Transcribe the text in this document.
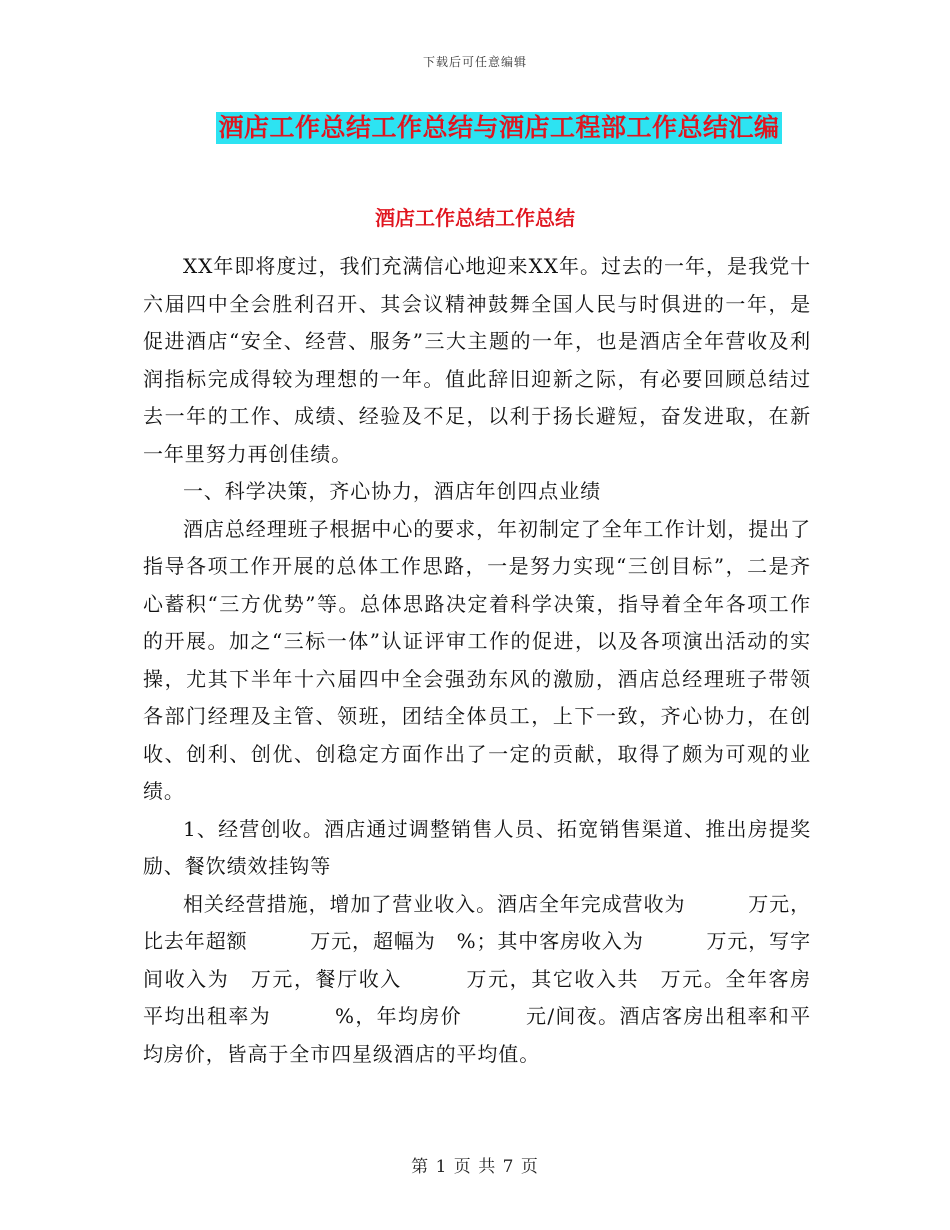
下载后可任意编辑
酒店工作总结工作总结与酒店工程部工作总结汇编
酒店工作总结工作总结

XX年即将度过，我们充满信心地迎来XX年。过去的一年，是我党十六届四中全会胜利召开、其会议精神鼓舞全国人民与时俱进的一年，是促进酒店“安全、经营、服务”三大主题的一年，也是酒店全年营收及利润指标完成得较为理想的一年。值此辞旧迎新之际，有必要回顾总结过去一年的工作、成绩、经验及不足，以利于扬长避短，奋发进取，在新一年里努力再创佳绩。

一、科学决策，齐心协力，酒店年创四点业绩

酒店总经理班子根据中心的要求，年初制定了全年工作计划，提出了指导各项工作开展的总体工作思路，一是努力实现“三创目标”，二是齐心蓄积“三方优势”等。总体思路决定着科学决策，指导着全年各项工作的开展。加之“三标一体”认证评审工作的促进，以及各项演出活动的实操，尤其下半年十六届四中全会强劲东风的激励，酒店总经理班子带领各部门经理及主管、领班，团结全体员工，上下一致，齐心协力，在创收、创利、创优、创稳定方面作出了一定的贡献，取得了颇为可观的业绩。

1、经营创收。酒店通过调整销售人员、拓宽销售渠道、推出房提奖励、餐饮绩效挂钩等

相关经营措施，增加了营业收入。酒店全年完成营收为　　　万元，比去年超额　　　万元，超幅为　%；其中客房收入为　　　万元，写字间收入为　万元，餐厅收入　　　万元，其它收入共　万元。全年客房平均出租率为　　　%，年均房价　　　元/间夜。酒店客房出租率和平均房价，皆高于全市四星级酒店的平均值。

第 1 页 共 7 页
